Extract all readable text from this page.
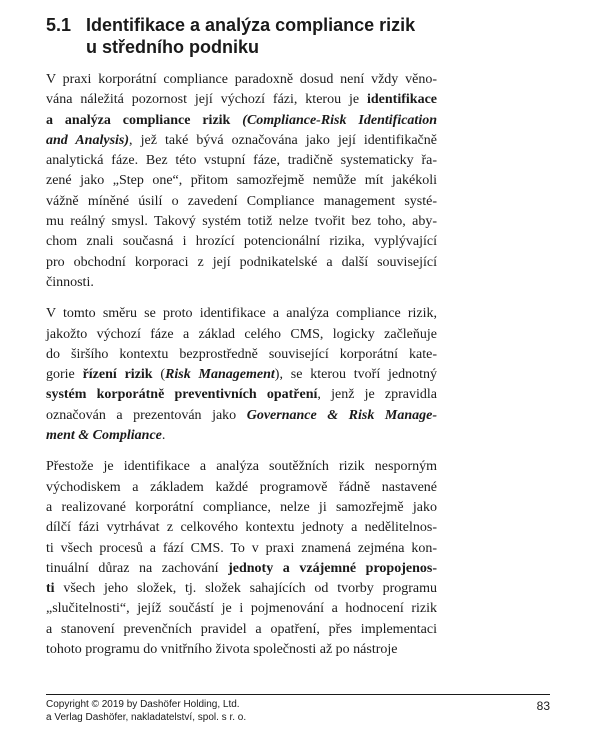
5.1 Identifikace a analýza compliance rizik
u středního podniku

V praxi korporátní compliance paradoxně dosud není vždy věno-
vána náležitá pozornost její výchozí fázi, kterou je identifikace
a analýza compliance rizik (Compliance-Risk Identification
and Analysis), jež také bývá označována jako její identifikačně
analytická fáze. Bez této vstupní fáze, tradičně systematicky řa-
zené jako „Step one“, přitom samozřejmě nemůže mít jakékoli
vážně míněné úsilí o zavedení Compliance management systé-
mu reálný smysl. Takový systém totiž nelze tvořit bez toho, aby-
chom znali současná i hrozící potencionální rizika, vyplývající
pro obchodní korporaci z její podnikatelské a další související
činnosti.

V tomto směru se proto identifikace a analýza compliance rizik,
jakožto výchozí fáze a základ celého CMS, logicky začleňuje
do širšího kontextu bezprostředně související korporátní kate-
gorie řízení rizik (Risk Management), se kterou tvoří jednotný
systém korporátně preventivních opatření, jenž je zpravidla
označován a prezentován jako Governance & Risk Manage-
ment & Compliance.

Přestože je identifikace a analýza soutěžních rizik nesporným
východiskem a základem každé programově řádně nastavené
a realizované korporátní compliance, nelze ji samozřejmě jako
dílčí fázi vytrhávat z celkového kontextu jednoty a nedělitelnos-
ti všech procesů a fází CMS. To v praxi znamená zejména kon-
tinuální důraz na zachování jednoty a vzájemné propojenos-
ti všech jeho složek, tj. složek sahajících od tvorby programu
„slučitelnosti“, jejíž součástí je i pojmenování a hodnocení rizik
a stanovení prevenčních pravidel a opatření, přes implementaci
tohoto programu do vnitřního života společnosti až po nástroje

Copyright © 2019 by Dashöfer Holding, Ltd.
a Verlag Dashöfer, nakladatelství, spol. s r. o.
83
